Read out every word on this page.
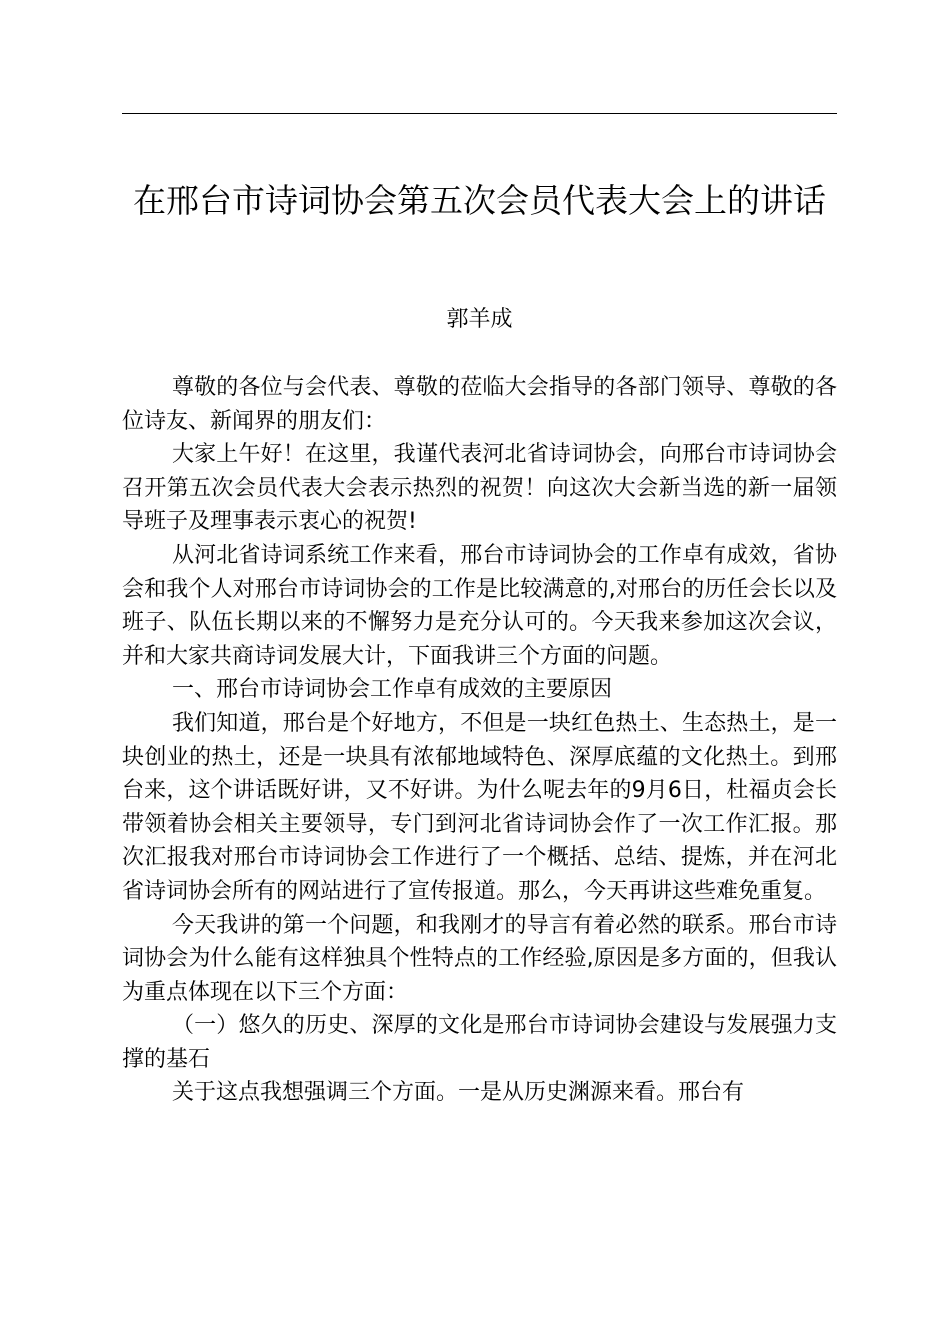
在邢台市诗词协会第五次会员代表大会上的讲话

郭羊成

尊敬的各位与会代表、尊敬的莅临大会指导的各部门领导、尊敬的各位诗友、新闻界的朋友们：

大家上午好！在这里，我谨代表河北省诗词协会，向邢台市诗词协会召开第五次会员代表大会表示热烈的祝贺！向这次大会新当选的新一届领导班子及理事表示衷心的祝贺!

从河北省诗词系统工作来看，邢台市诗词协会的工作卓有成效，省协会和我个人对邢台市诗词协会的工作是比较满意的,对邢台的历任会长以及班子、队伍长期以来的不懈努力是充分认可的。今天我来参加这次会议，并和大家共商诗词发展大计，下面我讲三个方面的问题。

一、邢台市诗词协会工作卓有成效的主要原因

我们知道，邢台是个好地方，不但是一块红色热土、生态热土，是一块创业的热土，还是一块具有浓郁地域特色、深厚底蕴的文化热土。到邢台来，这个讲话既好讲，又不好讲。为什么呢去年的9月6日，杜福贞会长带领着协会相关主要领导，专门到河北省诗词协会作了一次工作汇报。那次汇报我对邢台市诗词协会工作进行了一个概括、总结、提炼，并在河北省诗词协会所有的网站进行了宣传报道。那么，今天再讲这些难免重复。

今天我讲的第一个问题，和我刚才的导言有着必然的联系。邢台市诗词协会为什么能有这样独具个性特点的工作经验,原因是多方面的，但我认为重点体现在以下三个方面：

（一）悠久的历史、深厚的文化是邢台市诗词协会建设与发展强力支撑的基石

关于这点我想强调三个方面。一是从历史渊源来看。邢台有
